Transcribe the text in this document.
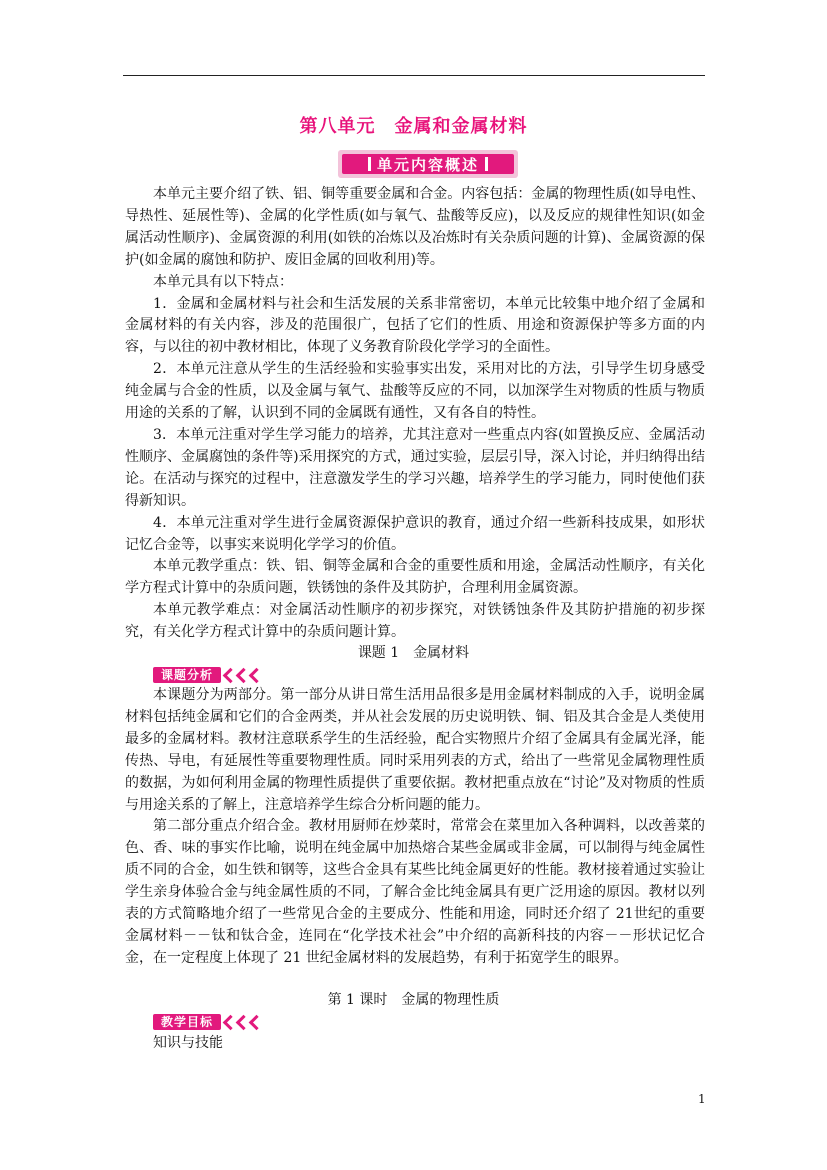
第八单元　金属和金属材料
单元内容概述

本单元主要介绍了铁、铝、铜等重要金属和合金。内容包括：金属的物理性质(如导电性、导热性、延展性等)、金属的化学性质(如与氧气、盐酸等反应)，以及反应的规律性知识(如金属活动性顺序)、金属资源的利用(如铁的冶炼以及冶炼时有关杂质问题的计算)、金属资源的保护(如金属的腐蚀和防护、废旧金属的回收利用)等。

本单元具有以下特点：

1．金属和金属材料与社会和生活发展的关系非常密切，本单元比较集中地介绍了金属和金属材料的有关内容，涉及的范围很广，包括了它们的性质、用途和资源保护等多方面的内容，与以往的初中教材相比，体现了义务教育阶段化学学习的全面性。

2．本单元注意从学生的生活经验和实验事实出发，采用对比的方法，引导学生切身感受纯金属与合金的性质，以及金属与氧气、盐酸等反应的不同，以加深学生对物质的性质与物质用途的关系的了解，认识到不同的金属既有通性，又有各自的特性。

3．本单元注重对学生学习能力的培养，尤其注意对一些重点内容(如置换反应、金属活动性顺序、金属腐蚀的条件等)采用探究的方式，通过实验，层层引导，深入讨论，并归纳得出结论。在活动与探究的过程中，注意激发学生的学习兴趣，培养学生的学习能力，同时使他们获得新知识。

4．本单元注重对学生进行金属资源保护意识的教育，通过介绍一些新科技成果，如形状记忆合金等，以事实来说明化学学习的价值。

本单元教学重点：铁、铝、铜等金属和合金的重要性质和用途，金属活动性顺序，有关化学方程式计算中的杂质问题，铁锈蚀的条件及其防护，合理利用金属资源。

本单元教学难点：对金属活动性顺序的初步探究，对铁锈蚀条件及其防护措施的初步探究，有关化学方程式计算中的杂质问题计算。

课题 1　金属材料
课题分析

本课题分为两部分。第一部分从讲日常生活用品很多是用金属材料制成的入手，说明金属材料包括纯金属和它们的合金两类，并从社会发展的历史说明铁、铜、铝及其合金是人类使用最多的金属材料。教材注意联系学生的生活经验，配合实物照片介绍了金属具有金属光泽，能传热、导电，有延展性等重要物理性质。同时采用列表的方式，给出了一些常见金属物理性质的数据，为如何利用金属的物理性质提供了重要依据。教材把重点放在“讨论”及对物质的性质与用途关系的了解上，注意培养学生综合分析问题的能力。

第二部分重点介绍合金。教材用厨师在炒菜时，常常会在菜里加入各种调料，以改善菜的色、香、味的事实作比喻，说明在纯金属中加热熔合某些金属或非金属，可以制得与纯金属性质不同的合金，如生铁和钢等，这些合金具有某些比纯金属更好的性能。教材接着通过实验让学生亲身体验合金与纯金属性质的不同，了解合金比纯金属具有更广泛用途的原因。教材以列表的方式简略地介绍了一些常见合金的主要成分、性能和用途，同时还介绍了 21世纪的重要金属材料－－钛和钛合金，连同在“化学技术社会”中介绍的高新科技的内容－－形状记忆合金，在一定程度上体现了 21 世纪金属材料的发展趋势，有利于拓宽学生的眼界。

第 1 课时　金属的物理性质
教学目标
知识与技能
1
